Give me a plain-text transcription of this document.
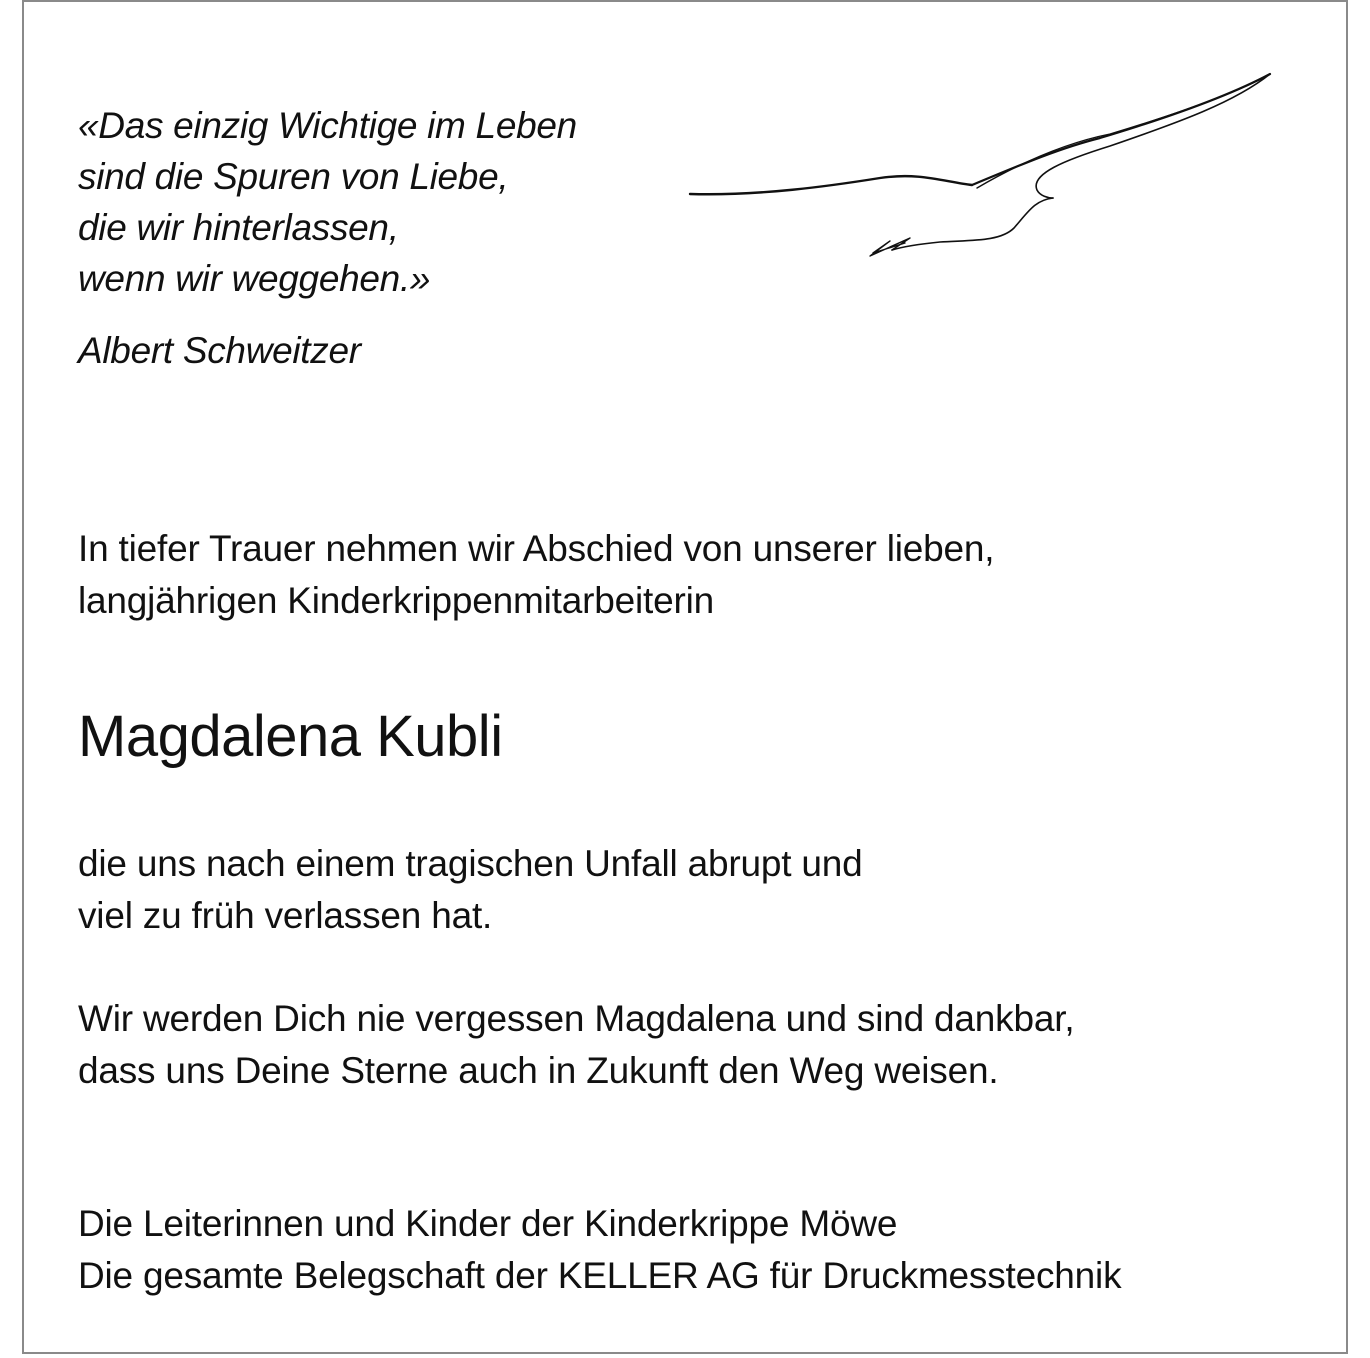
«Das einzig Wichtige im Leben
sind die Spuren von Liebe,
die wir hinterlassen,
wenn wir weggehen.»
Albert Schweitzer
In tiefer Trauer nehmen wir Abschied von unserer lieben,
langjährigen Kinderkrippenmitarbeiterin
Magdalena Kubli
die uns nach einem tragischen Unfall abrupt und
viel zu früh verlassen hat.
Wir werden Dich nie vergessen Magdalena und sind dankbar,
dass uns Deine Sterne auch in Zukunft den Weg weisen.
Die Leiterinnen und Kinder der Kinderkrippe Möwe
Die gesamte Belegschaft der KELLER AG für Druckmesstechnik
